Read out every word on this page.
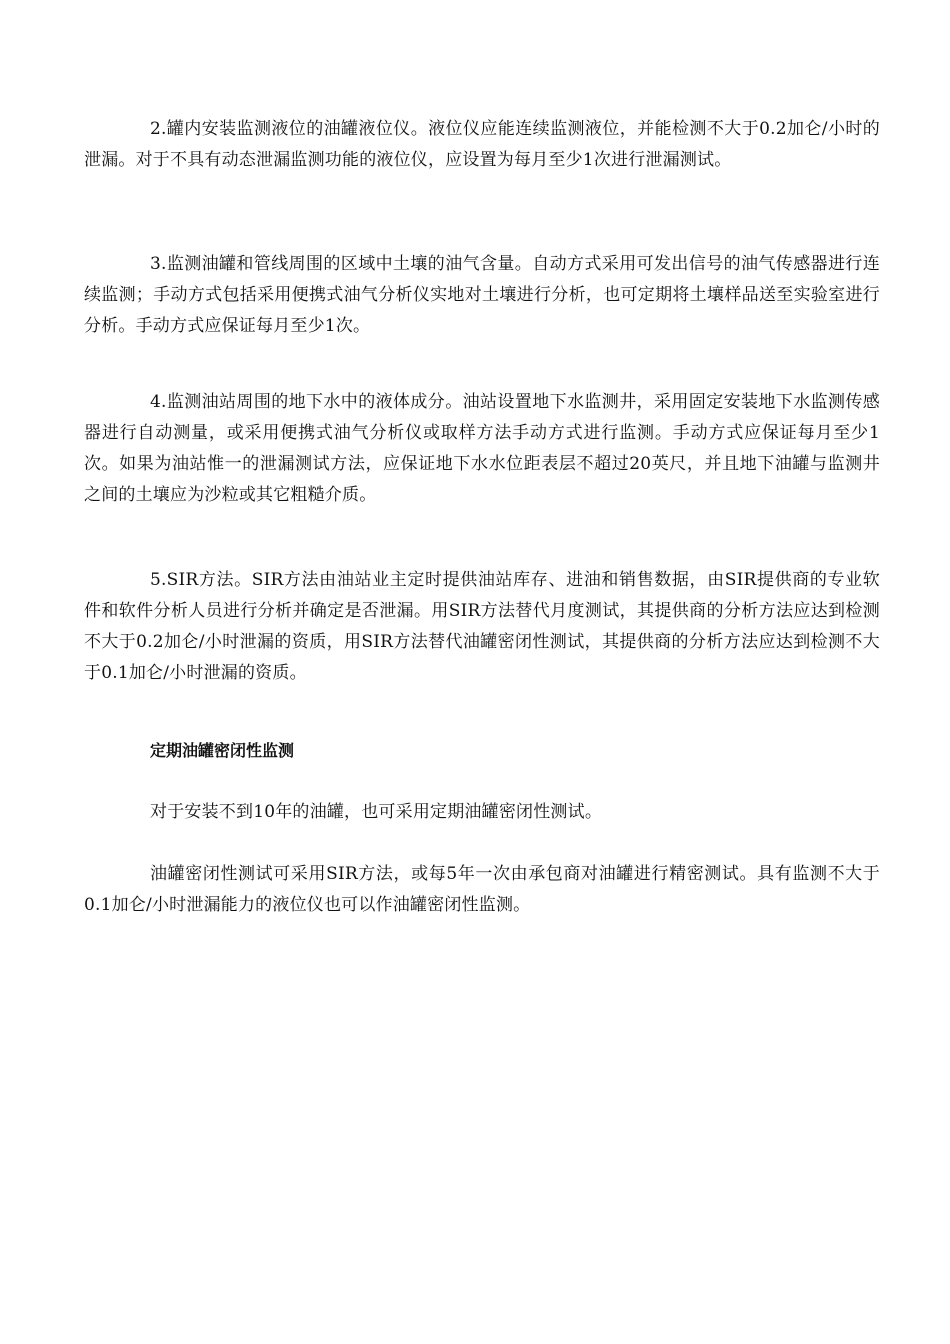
2.罐内安装监测液位的油罐液位仪。液位仪应能连续监测液位，并能检测不大于0.2加仑/小时的泄漏。对于不具有动态泄漏监测功能的液位仪，应设置为每月至少1次进行泄漏测试。

3.监测油罐和管线周围的区域中土壤的油气含量。自动方式采用可发出信号的油气传感器进行连续监测；手动方式包括采用便携式油气分析仪实地对土壤进行分析，也可定期将土壤样品送至实验室进行分析。手动方式应保证每月至少1次。

4.监测油站周围的地下水中的液体成分。油站设置地下水监测井，采用固定安装地下水监测传感器进行自动测量，或采用便携式油气分析仪或取样方法手动方式进行监测。手动方式应保证每月至少1次。如果为油站惟一的泄漏测试方法，应保证地下水水位距表层不超过20英尺，并且地下油罐与监测井之间的土壤应为沙粒或其它粗糙介质。

5.SIR方法。SIR方法由油站业主定时提供油站库存、进油和销售数据，由SIR提供商的专业软件和软件分析人员进行分析并确定是否泄漏。用SIR方法替代月度测试，其提供商的分析方法应达到检测不大于0.2加仑/小时泄漏的资质，用SIR方法替代油罐密闭性测试，其提供商的分析方法应达到检测不大于0.1加仑/小时泄漏的资质。

定期油罐密闭性监测

对于安装不到10年的油罐，也可采用定期油罐密闭性测试。

油罐密闭性测试可采用SIR方法，或每5年一次由承包商对油罐进行精密测试。具有监测不大于0.1加仑/小时泄漏能力的液位仪也可以作油罐密闭性监测。
